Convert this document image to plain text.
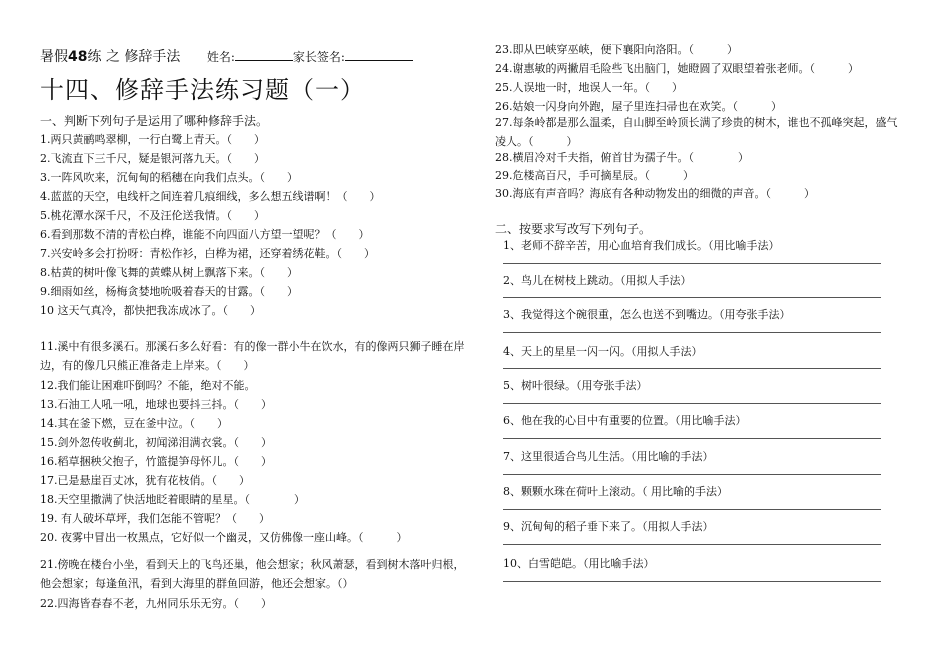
暑假48练 之 修辞手法 姓名:	家长签名:
十四、修辞手法练习题（一）
一、判断下列句子是运用了哪种修辞手法。
1.两只黄鹂鸣翠柳，一行白鹭上青天。（　　）
2.飞流直下三千尺，疑是银河落九天。（　　）
3.一阵风吹来，沉甸甸的稻穗在向我们点头。（　　）
4.蓝蓝的天空，电线杆之间连着几痕细线，多么想五线谱啊！（　　）
5.桃花潭水深千尺，不及汪伦送我情。（　　）
6.看到那数不清的青松白桦，谁能不向四面八方望一望呢？（　　）
7.兴安岭多会打扮呀：青松作衫，白桦为裙，还穿着绣花鞋。（　　）
8.枯黄的树叶像飞舞的黄蝶从树上飘落下来。（　　）
9.细雨如丝，杨梅贪婪地吮吸着春天的甘露。（　　）
10 这天气真冷，都快把我冻成冰了。（　　）
11.溪中有很多溪石。那溪石多么好看：有的像一群小牛在饮水，有的像两只狮子睡在岸边，有的像几只熊正准备走上岸来。（　　）
12.我们能让困难吓倒吗？不能，绝对不能。
13.石油工人吼一吼，地球也要抖三抖。（　　）
14.其在釜下燃，豆在釜中泣。（　　）
15.剑外忽传收蓟北，初闻涕泪满衣裳。（　　）
16.稻草捆秧父抱子，竹篮提笋母怀儿。（　　）
17.已是悬崖百丈冰，犹有花枝俏。（　　）
18.天空里撒满了快活地眨着眼睛的星星。（　　　　）
19. 有人破坏草坪，我们怎能不管呢？（　　）
20. 夜雾中冒出一枚黑点，它好似一个幽灵，又仿佛像一座山峰。（　　　）
21.傍晚在楼台小坐，看到天上的飞鸟还巢，他会想家；秋风萧瑟，看到树木落叶归根，他会想家；每逢鱼汛，看到大海里的群鱼回游，他还会想家。（）
22.四海皆春春不老，九州同乐乐无穷。（　　）
23.即从巴峡穿巫峡，便下襄阳向洛阳。（　　　）
24.谢惠敏的两撇眉毛险些飞出脑门，她瞪圆了双眼望着张老师。（　　　）
25.人误地一时，地误人一年。（　　）
26.姑娘一闪身向外跑，屋子里连扫帚也在欢笑。（　　　）
27.每条岭都是那么温柔，自山脚至岭顶长满了珍贵的树木，谁也不孤峰突起，盛气凌人。（　　　）
28.横眉冷对千夫指，俯首甘为孺子牛。（　　　　）
29.危楼高百尺，手可摘星辰。（　　　）
30.海底有声音吗？海底有各种动物发出的细微的声音。（　　　）
二、按要求写改写下列句子。
1、老师不辞辛苦，用心血培育我们成长。（用比喻手法）
2、鸟儿在树枝上跳动。（用拟人手法）
3、我觉得这个碗很重，怎么也送不到嘴边。（用夸张手法）
4、天上的星星一闪一闪。（用拟人手法）
5、树叶很绿。（用夸张手法）
6、他在我的心目中有重要的位置。（用比喻手法）
7、这里很适合鸟儿生活。（用比喻的手法）
8、颗颗水珠在荷叶上滚动。（ 用比喻的手法）
9、沉甸甸的稻子垂下来了。（用拟人手法）
10、白雪皑皑。（用比喻手法）
